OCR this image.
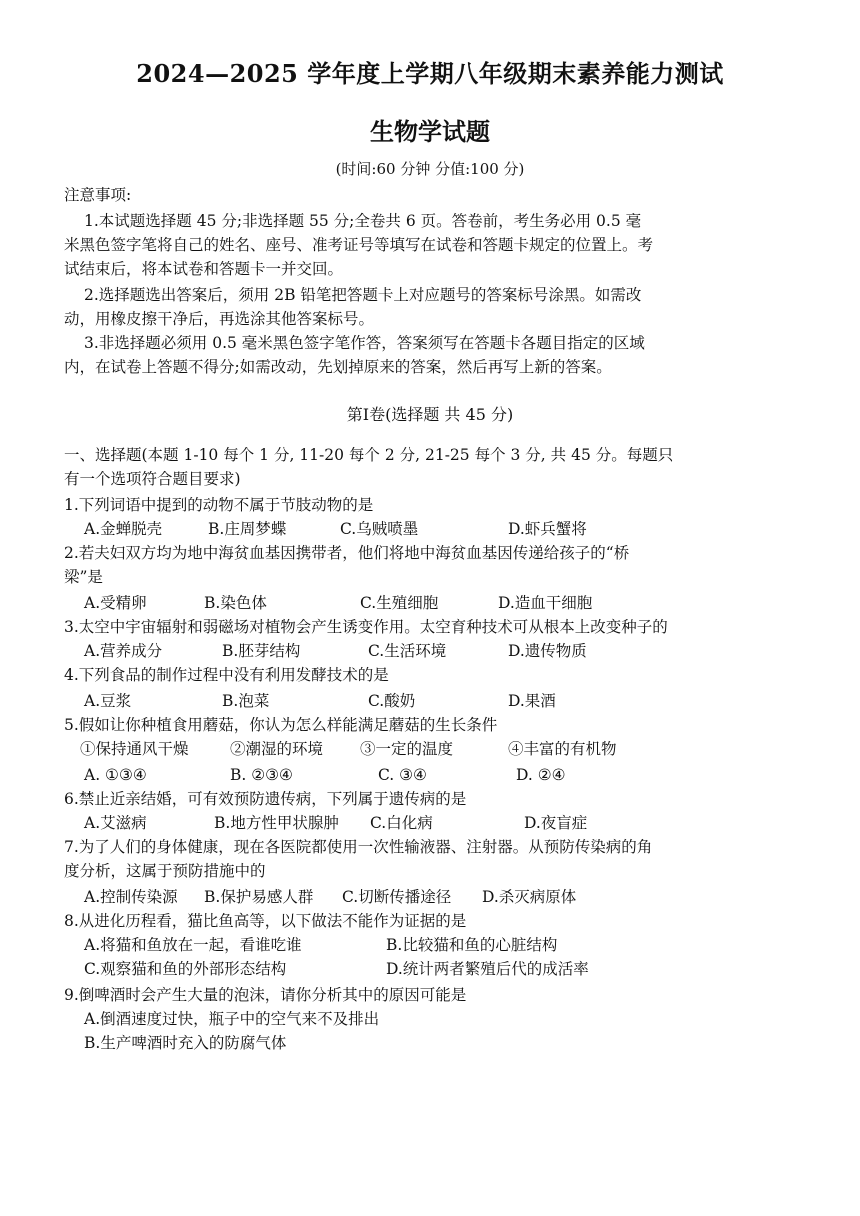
2024—2025 学年度上学期八年级期末素养能力测试
生物学试题
(时间:60 分钟 分值:100 分)
注意事项:
1.本试题选择题 45 分;非选择题 55 分;全卷共 6 页。答卷前，考生务必用 0.5 毫
米黑色签字笔将自己的姓名、座号、准考证号等填写在试卷和答题卡规定的位置上。考
试结束后，将本试卷和答题卡一并交回。
2.选择题选出答案后，须用 2B 铅笔把答题卡上对应题号的答案标号涂黑。如需改
动，用橡皮擦干净后，再选涂其他答案标号。
3.非选择题必须用 0.5 毫米黑色签字笔作答，答案须写在答题卡各题目指定的区域
内，在试卷上答题不得分;如需改动，先划掉原来的答案，然后再写上新的答案。
第Ⅰ卷(选择题 共 45 分)
一、选择题(本题 1-10 每个 1 分, 11-20 每个 2 分, 21-25 每个 3 分, 共 45 分。每题只
有一个选项符合题目要求)
1.下列词语中提到的动物不属于节肢动物的是
A.金蝉脱壳	B.庄周梦蝶	C.乌贼喷墨	D.虾兵蟹将
2.若夫妇双方均为地中海贫血基因携带者，他们将地中海贫血基因传递给孩子的“桥
梁”是
A.受精卵	B.染色体	C.生殖细胞	D.造血干细胞
3.太空中宇宙辐射和弱磁场对植物会产生诱变作用。太空育种技术可从根本上改变种子的
A.营养成分	B.胚芽结构	C.生活环境	D.遗传物质
4.下列食品的制作过程中没有利用发酵技术的是
A.豆浆	B.泡菜	C.酸奶	D.果酒
5.假如让你种植食用蘑菇，你认为怎么样能满足蘑菇的生长条件
①保持通风干燥	②潮湿的环境 ③一定的温度	④丰富的有机物
A. ①③④	B. ②③④	C. ③④	D. ②④
6.禁止近亲结婚，可有效预防遗传病，下列属于遗传病的是
A.艾滋病	B.地方性甲状腺肿 C.白化病	D.夜盲症
7.为了人们的身体健康，现在各医院都使用一次性输液器、注射器。从预防传染病的角
度分析，这属于预防措施中的
A.控制传染源 B.保护易感人群 C.切断传播途径 D.杀灭病原体
8.从进化历程看，猫比鱼高等，以下做法不能作为证据的是
A.将猫和鱼放在一起，看谁吃谁	B.比较猫和鱼的心脏结构
C.观察猫和鱼的外部形态结构	D.统计两者繁殖后代的成活率
9.倒啤酒时会产生大量的泡沫，请你分析其中的原因可能是
A.倒酒速度过快，瓶子中的空气来不及排出
B.生产啤酒时充入的防腐气体
